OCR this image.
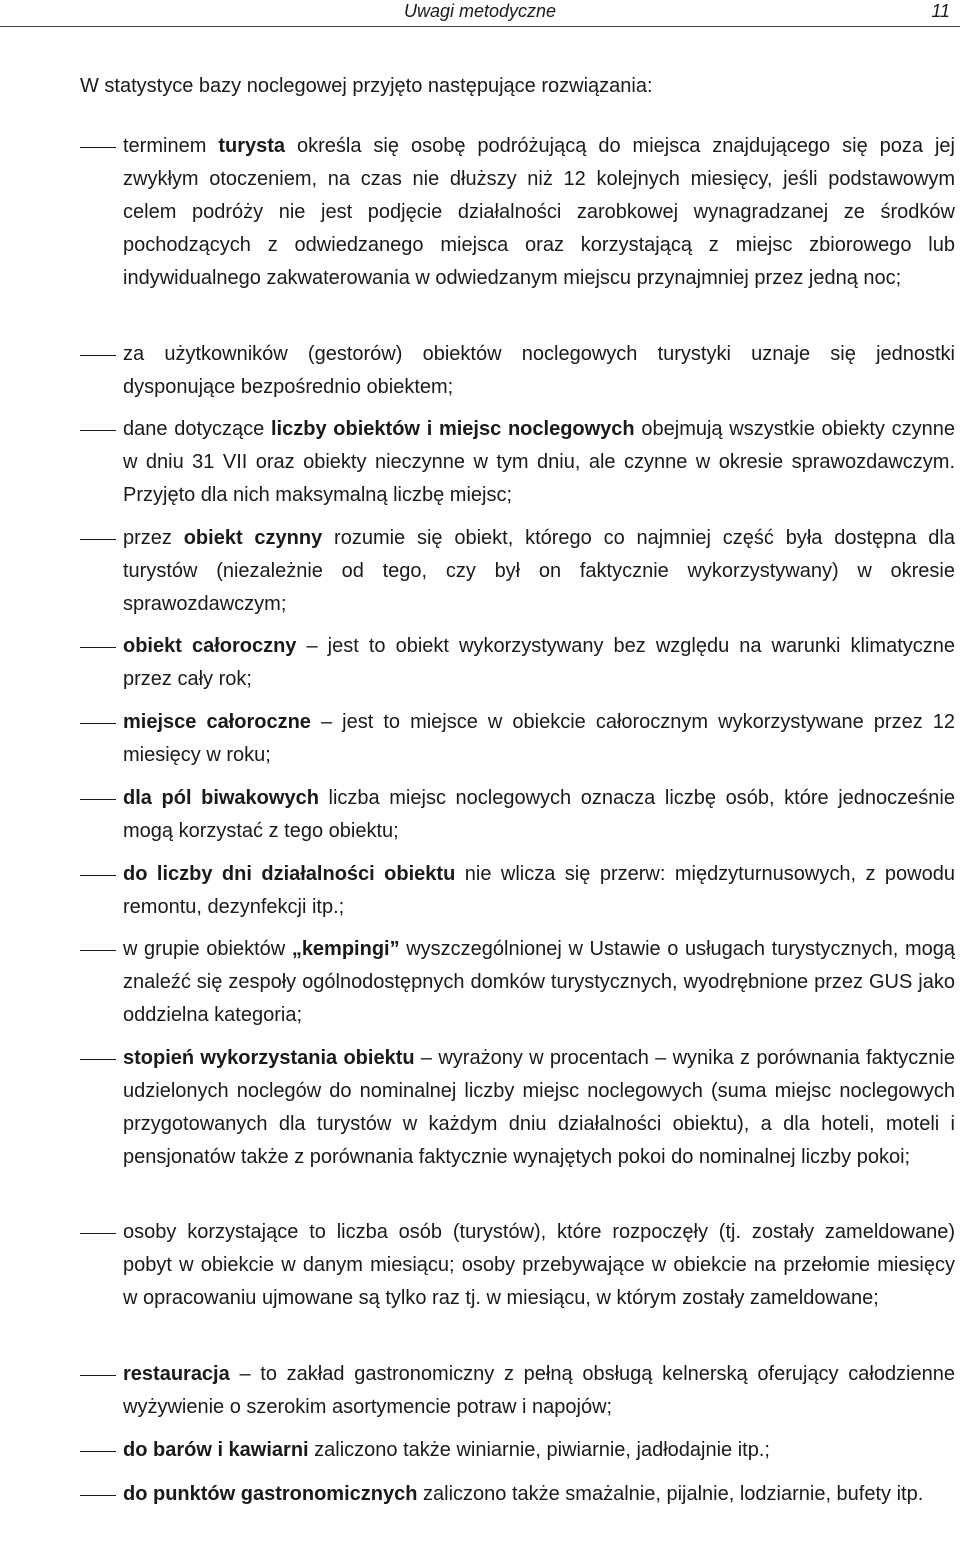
Uwagi metodyczne	11
W statystyce bazy noclegowej przyjęto następujące rozwiązania:

terminem turysta określa się osobę podróżującą do miejsca znajdującego się poza jej zwykłym otoczeniem, na czas nie dłuższy niż 12 kolejnych miesięcy, jeśli podstawowym celem podróży nie jest podjęcie działalności zarobkowej wynagradzanej ze środków pochodzących z odwiedzanego miejsca oraz korzystającą z miejsc zbiorowego lub indywidualnego zakwaterowania w odwiedzanym miejscu przynajmniej przez jedną noc;

za użytkowników (gestorów) obiektów noclegowych turystyki uznaje się jednostki dysponujące bezpośrednio obiektem;

dane dotyczące liczby obiektów i miejsc noclegowych obejmują wszystkie obiekty czynne w dniu 31 VII oraz obiekty nieczynne w tym dniu, ale czynne w okresie sprawozdawczym. Przyjęto dla nich maksymalną liczbę miejsc;

przez obiekt czynny rozumie się obiekt, którego co najmniej część była dostępna dla turystów (niezależnie od tego, czy był on faktycznie wykorzystywany) w okresie sprawozdawczym;

obiekt całoroczny – jest to obiekt wykorzystywany bez względu na warunki klimatyczne przez cały rok;

miejsce całoroczne – jest to miejsce w obiekcie całorocznym wykorzystywane przez 12 miesięcy w roku;

dla pól biwakowych liczba miejsc noclegowych oznacza liczbę osób, które jednocześnie mogą korzystać z tego obiektu;

do liczby dni działalności obiektu nie wlicza się przerw: międzyturnusowych, z powodu remontu, dezynfekcji itp.;

w grupie obiektów „kempingi” wyszczególnionej w Ustawie o usługach turystycznych, mogą znaleźć się zespoły ogólnodostępnych domków turystycznych, wyodrębnione przez GUS jako oddzielna kategoria;

stopień wykorzystania obiektu – wyrażony w procentach – wynika z porównania faktycznie udzielonych noclegów do nominalnej liczby miejsc noclegowych (suma miejsc noclegowych przygotowanych dla turystów w każdym dniu działalności obiektu), a dla hoteli, moteli i pensjonatów także z porównania faktycznie wynajętych pokoi do nominalnej liczby pokoi;

osoby korzystające to liczba osób (turystów), które rozpoczęły (tj. zostały zameldowane) pobyt w obiekcie w danym miesiącu; osoby przebywające w obiekcie na przełomie miesięcy w opracowaniu ujmowane są tylko raz tj. w miesiącu, w którym zostały zameldowane;

restauracja – to zakład gastronomiczny z pełną obsługą kelnerską oferujący całodzienne wyżywienie o szerokim asortymencie potraw i napojów;

do barów i kawiarni zaliczono także winiarnie, piwiarnie, jadłodajnie itp.;

do punktów gastronomicznych zaliczono także smażalnie, pijalnie, lodziarnie, bufety itp.
